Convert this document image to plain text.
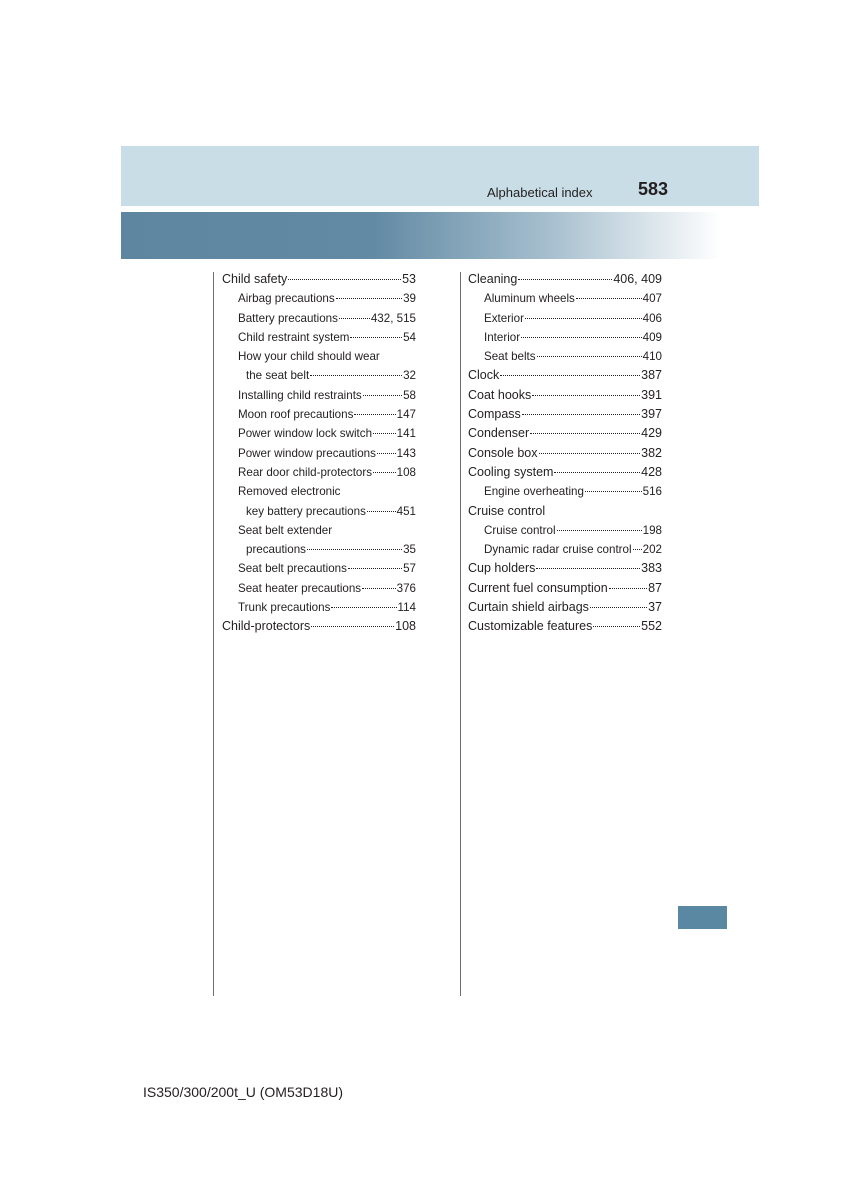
Alphabetical index	583
Child safety	53
Airbag precautions	39
Battery precautions	432, 515
Child restraint system	54
How your child should wear
the seat belt	32
Installing child restraints	58
Moon roof precautions	147
Power window lock switch 141
Power window precautions 143
Rear door child-protectors 108
Removed electronic
key battery precautions	451
Seat belt extender
precautions	35
Seat belt precautions	57
Seat heater precautions	376
Trunk precautions	114
Child-protectors	108
Cleaning	406, 409
Aluminum wheels	407
Exterior	406
Interior	409
Seat belts	410
Clock	387
Coat hooks	391
Compass	397
Condenser	429
Console box	382
Cooling system	428
Engine overheating	516
Cruise control
Cruise control	198
Dynamic radar cruise control 202
Cup holders	383
Current fuel consumption	87
Curtain shield airbags	37
Customizable features	552
IS350/300/200t_U (OM53D18U)
